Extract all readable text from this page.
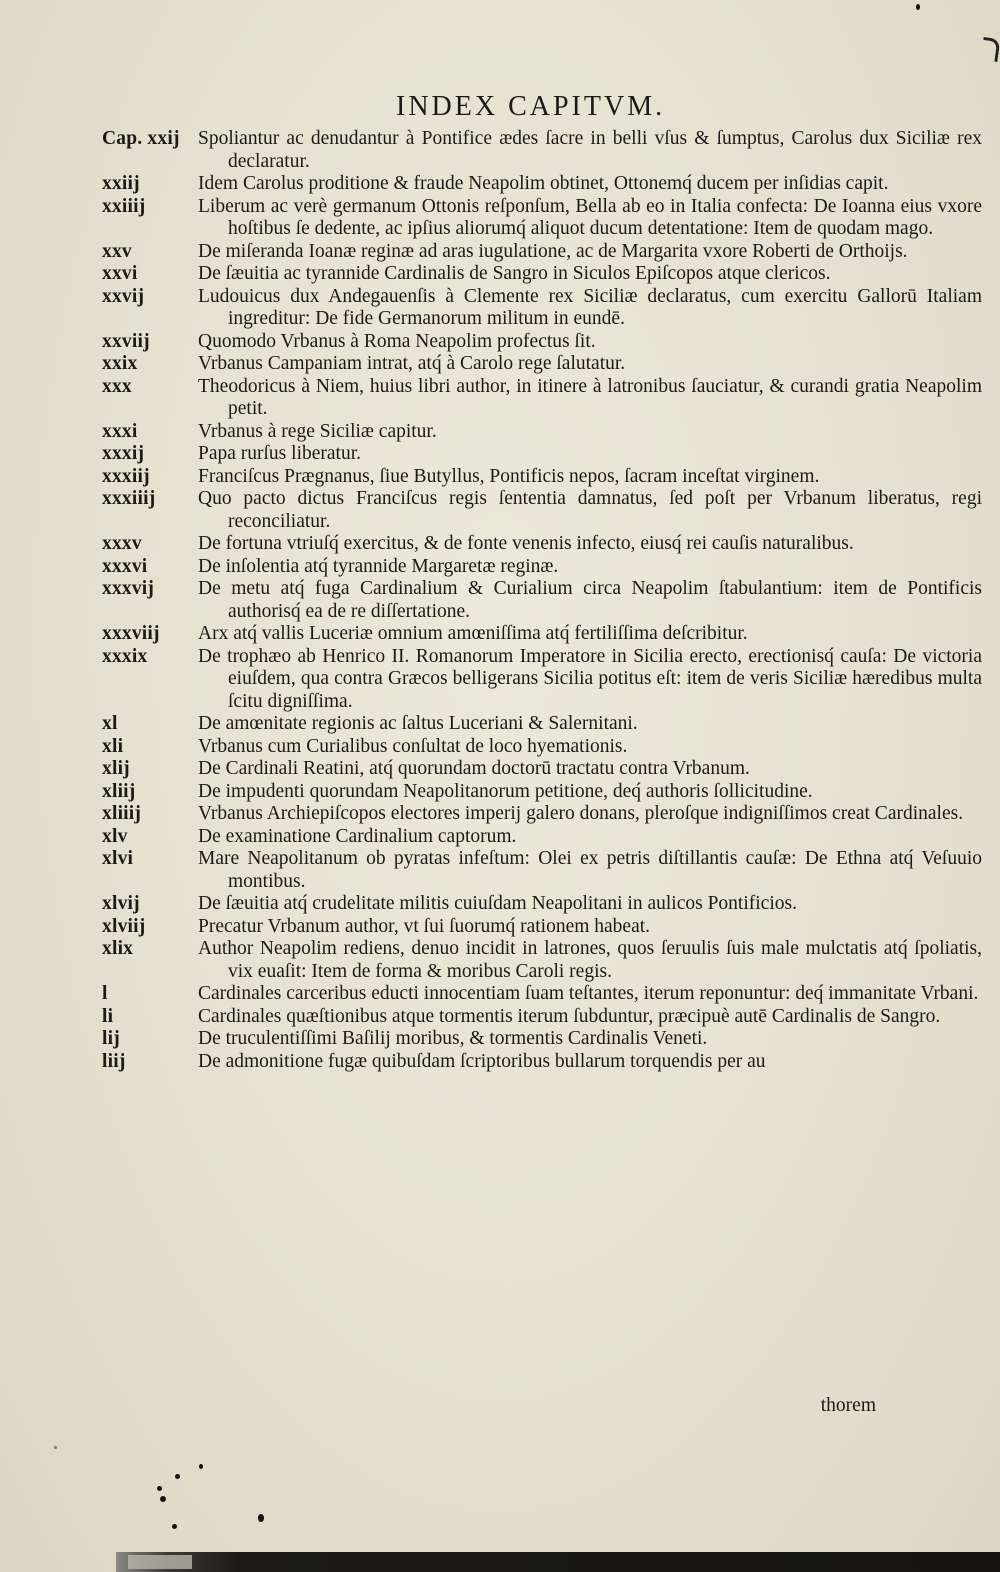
INDEX CAPITVM.
Cap. xxij Spoliantur ac denudantur à Pontifice ædes ſacre in belli vſus & ſumptus, Carolus dux Siciliæ rex declaratur.
xxiij	Idem Carolus proditione & fraude Neapolim obtinet, Ottonemq́ ducem per inſidias capit.
xxiiij	Liberum ac verè germanum Ottonis reſponſum, Bella ab eo in Italia confecta: De Ioanna eius vxore hoſtibus ſe dedente, ac ipſius aliorumq́ aliquot ducum detentatione: Item de quodam mago.
xxv	De miſeranda Ioanæ reginæ ad aras iugulatione, ac de Margarita vxore Roberti de Orthoijs.
xxvi	De ſæuitia ac tyrannide Cardinalis de Sangro in Siculos Epiſcopos atque clericos.
xxvij	Ludouicus dux Andegauenſis à Clemente rex Siciliæ declaratus, cum exercitu Gallorū Italiam ingreditur: De fide Germanorum militum in eundē.
xxviij	Quomodo Vrbanus à Roma Neapolim profectus ſit.
xxix	Vrbanus Campaniam intrat, atq́ à Carolo rege ſalutatur.
xxx	Theodoricus à Niem, huius libri author, in itinere à latronibus ſauciatur, & curandi gratia Neapolim petit.
xxxi	Vrbanus à rege Siciliæ capitur.
xxxij	Papa rurſus liberatur.
xxxiij	Franciſcus Prægnanus, ſiue Butyllus, Pontificis nepos, ſacram inceſtat virginem.
xxxiiij	Quo pacto dictus Franciſcus regis ſententia damnatus, ſed poſt per Vrbanum liberatus, regi reconciliatur.
xxxv	De fortuna vtriuſq́ exercitus, & de fonte venenis infecto, eiusq́ rei cauſis naturalibus.
xxxvi	De inſolentia atq́ tyrannide Margaretæ reginæ.
xxxvij	De metu atq́ fuga Cardinalium & Curialium circa Neapolim ſtabulantium: item de Pontificis authorisq́ ea de re diſſertatione.
xxxviij	Arx atq́ vallis Luceriæ omnium amœniſſima atq́ fertiliſſima deſcribitur.
xxxix	De trophæo ab Henrico II. Romanorum Imperatore in Sicilia erecto, erectionisq́ cauſa: De victoria eiuſdem, qua contra Græcos belligerans Sicilia potitus eſt: item de veris Siciliæ hæredibus multa ſcitu digniſſima.
xl	De amœnitate regionis ac ſaltus Luceriani & Salernitani.
xli	Vrbanus cum Curialibus conſultat de loco hyemationis.
xlij	De Cardinali Reatini, atq́ quorundam doctorū tractatu contra Vrbanum.
xliij	De impudenti quorundam Neapolitanorum petitione, deq́ authoris ſollicitudine.
xliiij	Vrbanus Archiepiſcopos electores imperij galero donans, pleroſque indigniſſimos creat Cardinales.
xlv	De examinatione Cardinalium captorum.
xlvi	Mare Neapolitanum ob pyratas infeſtum: Olei ex petris diſtillantis cauſæ: De Ethna atq́ Veſuuio montibus.
xlvij	De ſæuitia atq́ crudelitate militis cuiuſdam Neapolitani in aulicos Pontificios.
xlviij	Precatur Vrbanum author, vt ſui ſuorumq́ rationem habeat.
xlix	Author Neapolim rediens, denuo incidit in latrones, quos ſeruulis ſuis male mulctatis atq́ ſpoliatis, vix euaſit: Item de forma & moribus Caroli regis.
l	Cardinales carceribus educti innocentiam ſuam teſtantes, iterum reponuntur: deq́ immanitate Vrbani.
li	Cardinales quæſtionibus atque tormentis iterum ſubduntur, præcipuè autē Cardinalis de Sangro.
lij	De truculentiſſimi Baſilij moribus, & tormentis Cardinalis Veneti.
liij	De admonitione fugæ quibuſdam ſcriptoribus bullarum torquendis per au
thorem
